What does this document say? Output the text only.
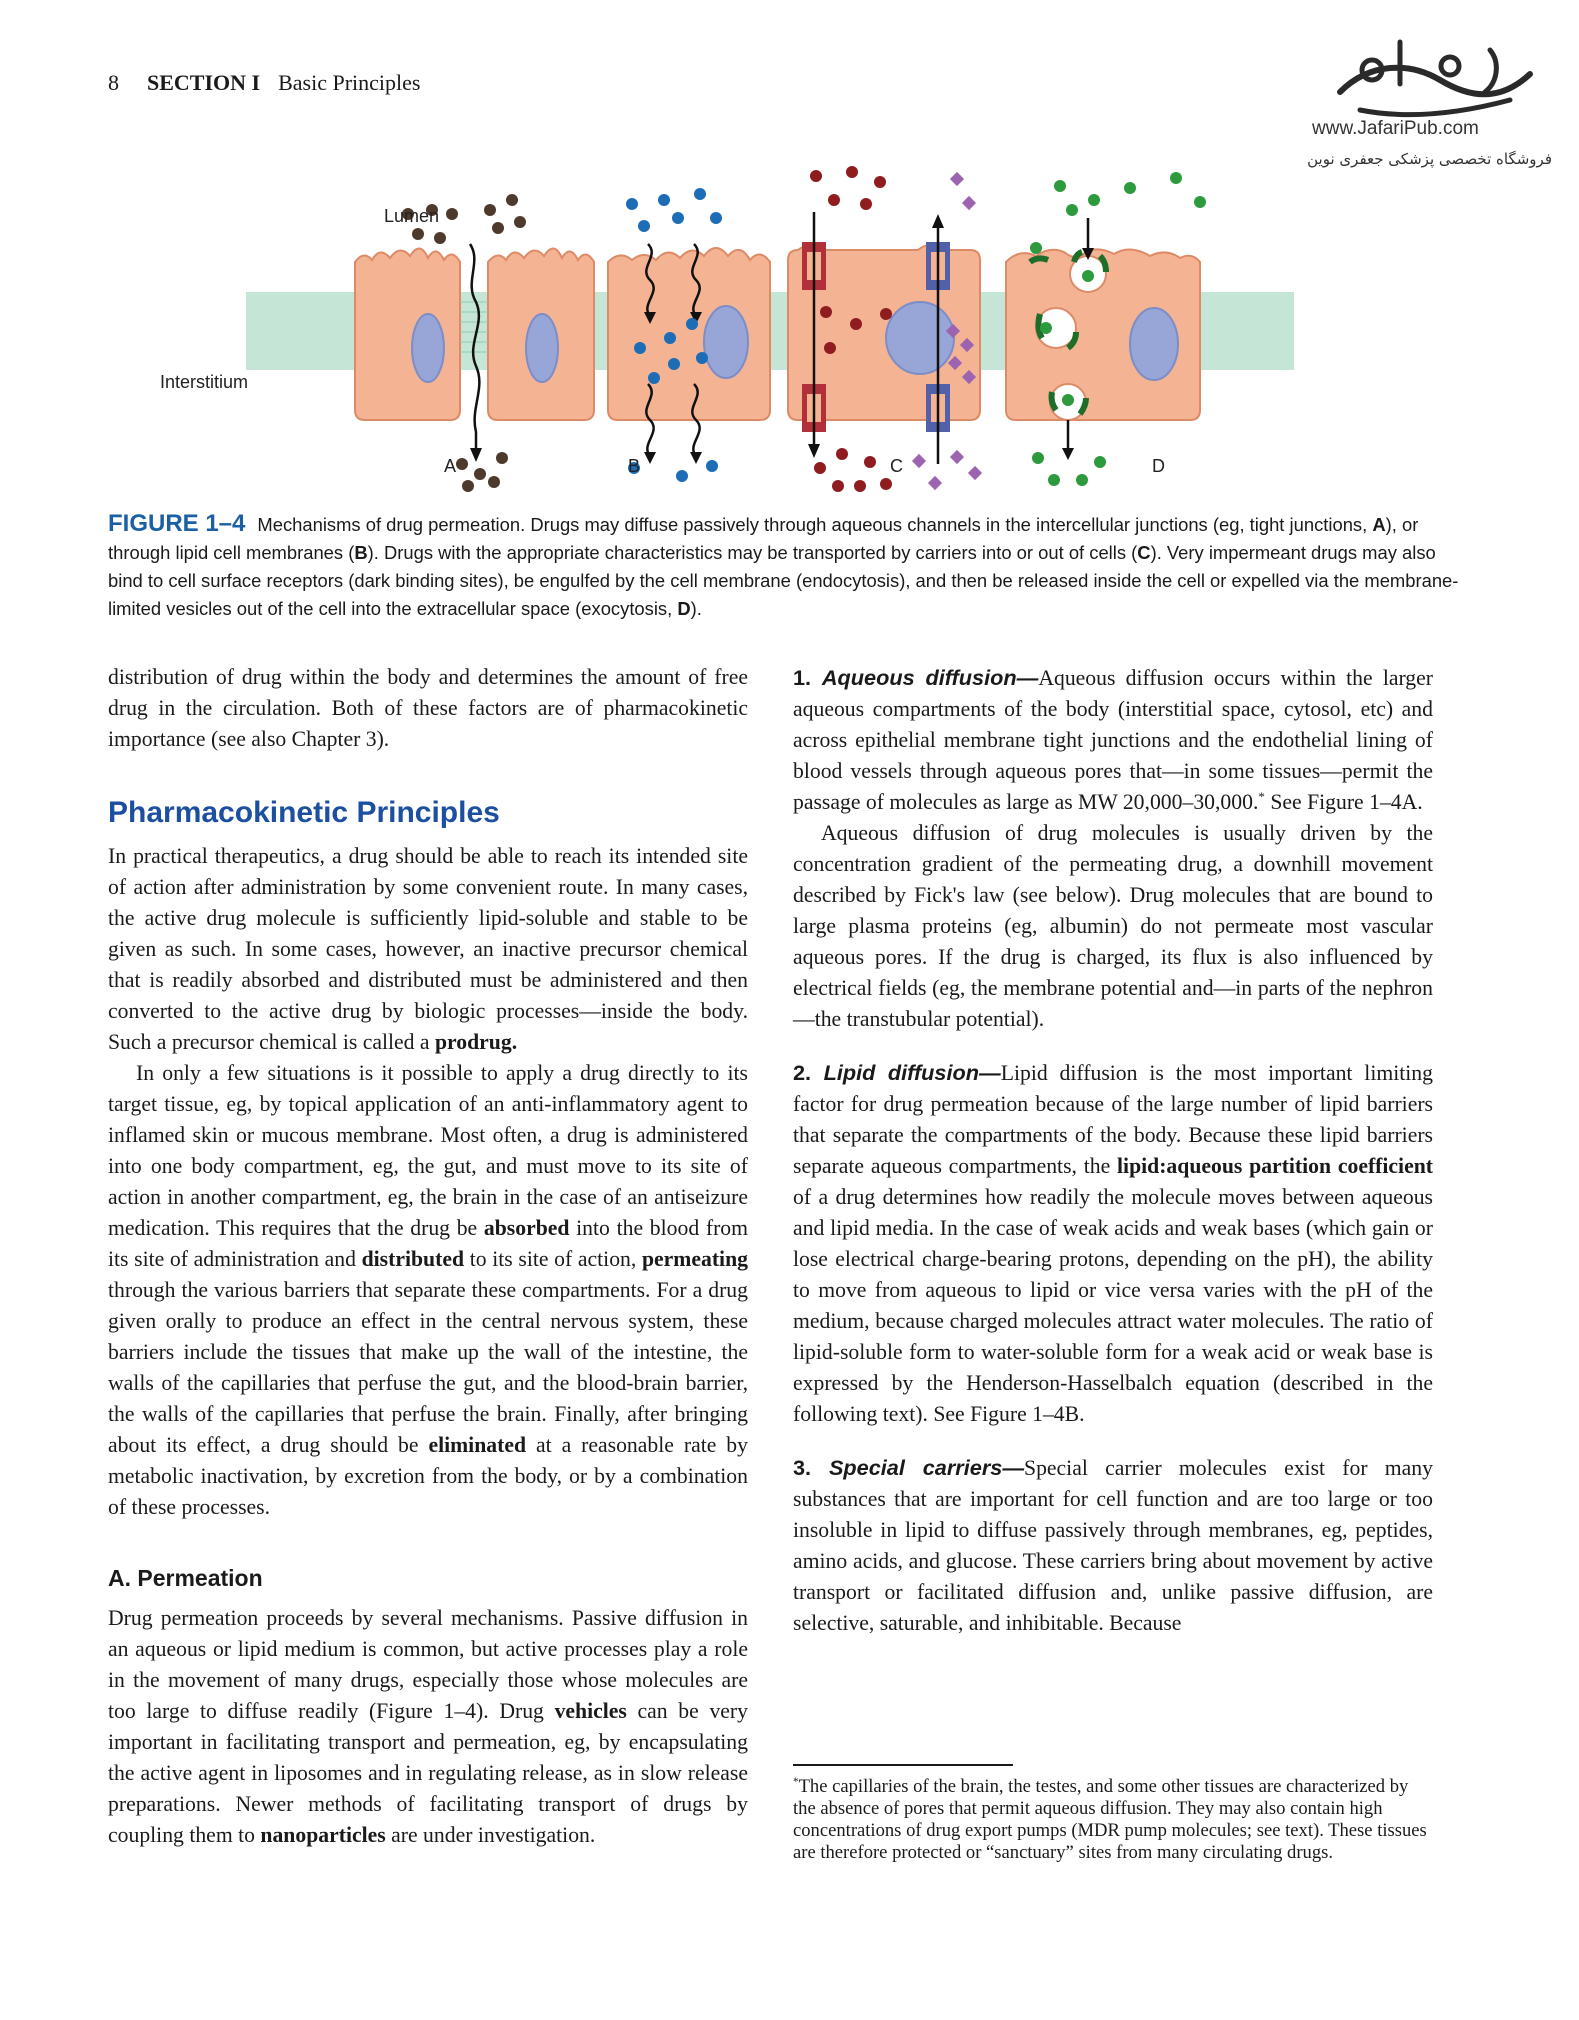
8 SECTION I Basic Principles
www.JafariPub.com
فروشگاه تخصصی پزشکی جعفری نوین
Lumen
Interstitium
A	B	C	D
FIGURE 1–4 Mechanisms of drug permeation. Drugs may diffuse passively through aqueous channels in the intercellular junctions (eg, tight junctions, A), or through lipid cell membranes (B). Drugs with the appropriate characteristics may be transported by carriers into or out of cells (C). Very impermeant drugs may also bind to cell surface receptors (dark binding sites), be engulfed by the cell membrane (endocytosis), and then be released inside the cell or expelled via the membrane-limited vesicles out of the cell into the extracellular space (exocytosis, D).

distribution of drug within the body and determines the amount of free drug in the circulation. Both of these factors are of pharmacokinetic importance (see also Chapter 3).

Pharmacokinetic Principles

In practical therapeutics, a drug should be able to reach its intended site of action after administration by some convenient route. In many cases, the active drug molecule is sufficiently lipid-soluble and stable to be given as such. In some cases, however, an inactive precursor chemical that is readily absorbed and distributed must be administered and then converted to the active drug by biologic processes—inside the body. Such a precursor chemical is called a prodrug.

In only a few situations is it possible to apply a drug directly to its target tissue, eg, by topical application of an anti-inflammatory agent to inflamed skin or mucous membrane. Most often, a drug is administered into one body compartment, eg, the gut, and must move to its site of action in another compartment, eg, the brain in the case of an antiseizure medication. This requires that the drug be absorbed into the blood from its site of administration and distributed to its site of action, permeating through the various barriers that separate these compartments. For a drug given orally to produce an effect in the central nervous system, these barriers include the tissues that make up the wall of the intestine, the walls of the capillaries that perfuse the gut, and the blood-brain barrier, the walls of the capillaries that perfuse the brain. Finally, after bringing about its effect, a drug should be eliminated at a reasonable rate by metabolic inactivation, by excretion from the body, or by a combination of these processes.

A. Permeation

Drug permeation proceeds by several mechanisms. Passive diffusion in an aqueous or lipid medium is common, but active processes play a role in the movement of many drugs, especially those whose molecules are too large to diffuse readily (Figure 1–4). Drug vehicles can be very important in facilitating transport and permeation, eg, by encapsulating the active agent in liposomes and in regulating release, as in slow release preparations. Newer methods of facilitating transport of drugs by coupling them to nanoparticles are under investigation.

1. Aqueous diffusion—Aqueous diffusion occurs within the larger aqueous compartments of the body (interstitial space, cytosol, etc) and across epithelial membrane tight junctions and the endothelial lining of blood vessels through aqueous pores that—in some tissues—permit the passage of molecules as large as MW 20,000–30,000.* See Figure 1–4A.

Aqueous diffusion of drug molecules is usually driven by the concentration gradient of the permeating drug, a downhill movement described by Fick's law (see below). Drug molecules that are bound to large plasma proteins (eg, albumin) do not permeate most vascular aqueous pores. If the drug is charged, its flux is also influenced by electrical fields (eg, the membrane potential and—in parts of the nephron—the transtubular potential).

2. Lipid diffusion—Lipid diffusion is the most important limiting factor for drug permeation because of the large number of lipid barriers that separate the compartments of the body. Because these lipid barriers separate aqueous compartments, the lipid:aqueous partition coefficient of a drug determines how readily the molecule moves between aqueous and lipid media. In the case of weak acids and weak bases (which gain or lose electrical charge-bearing protons, depending on the pH), the ability to move from aqueous to lipid or vice versa varies with the pH of the medium, because charged molecules attract water molecules. The ratio of lipid-soluble form to water-soluble form for a weak acid or weak base is expressed by the Henderson-Hasselbalch equation (described in the following text). See Figure 1–4B.

3. Special carriers—Special carrier molecules exist for many substances that are important for cell function and are too large or too insoluble in lipid to diffuse passively through membranes, eg, peptides, amino acids, and glucose. These carriers bring about movement by active transport or facilitated diffusion and, unlike passive diffusion, are selective, saturable, and inhibitable. Because

*The capillaries of the brain, the testes, and some other tissues are characterized by the absence of pores that permit aqueous diffusion. They may also contain high concentrations of drug export pumps (MDR pump molecules; see text). These tissues are therefore protected or “sanctuary” sites from many circulating drugs.
